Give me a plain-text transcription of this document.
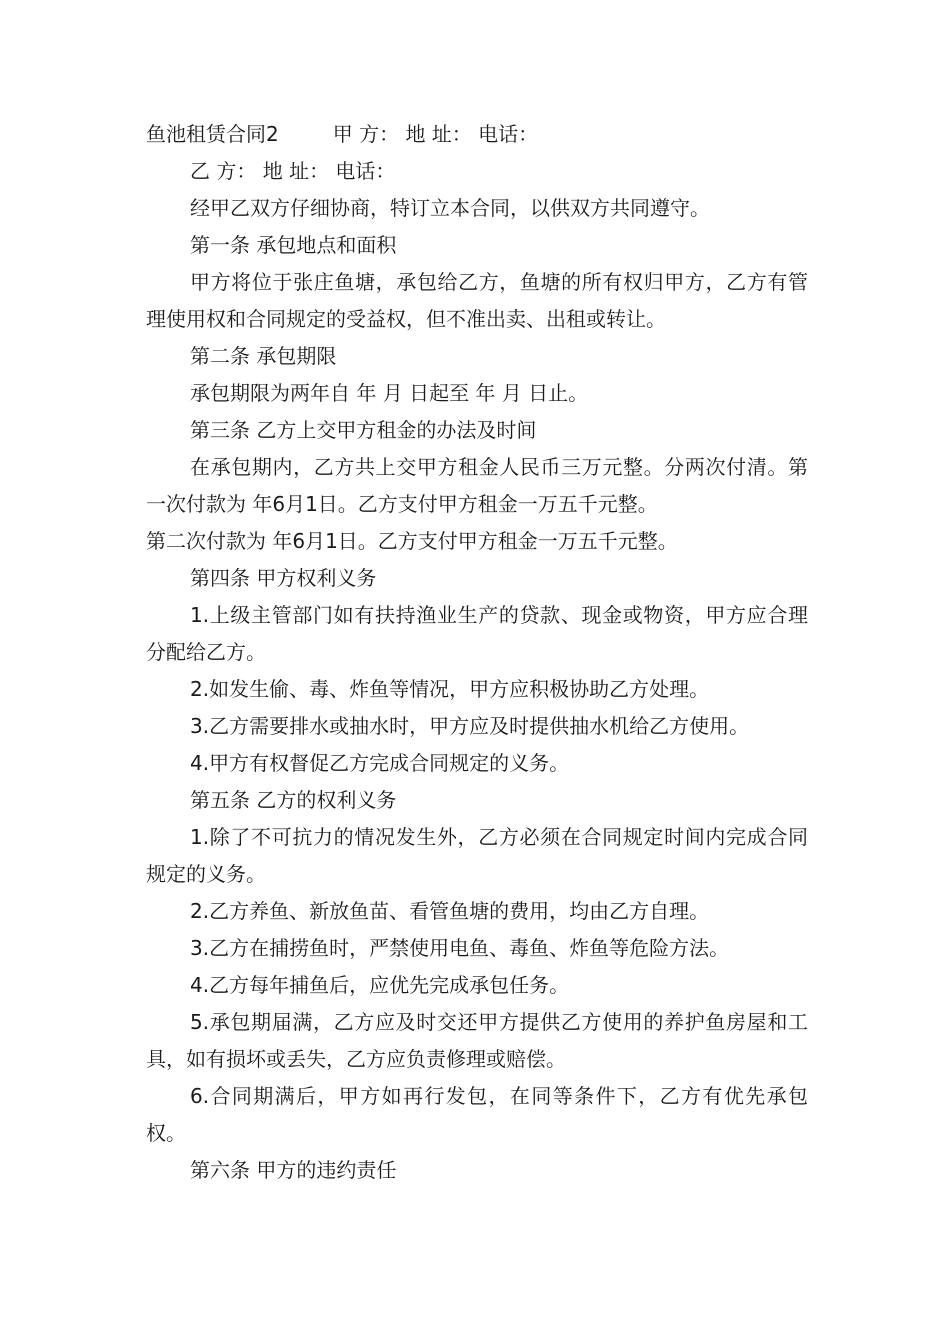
鱼池租赁合同2	甲 方： 地 址： 电话：

乙 方： 地 址： 电话：

经甲乙双方仔细协商，特订立本合同，以供双方共同遵守。

第一条 承包地点和面积

甲方将位于张庄鱼塘，承包给乙方，鱼塘的所有权归甲方，乙方有管理使用权和合同规定的受益权，但不准出卖、出租或转让。

第二条 承包期限

承包期限为两年自 年 月 日起至 年 月 日止。

第三条 乙方上交甲方租金的办法及时间

在承包期内，乙方共上交甲方租金人民币三万元整。分两次付清。第一次付款为 年6月1日。乙方支付甲方租金一万五千元整。

第二次付款为 年6月1日。乙方支付甲方租金一万五千元整。

第四条 甲方权利义务

1.上级主管部门如有扶持渔业生产的贷款、现金或物资，甲方应合理分配给乙方。

2.如发生偷、毒、炸鱼等情况，甲方应积极协助乙方处理。

3.乙方需要排水或抽水时，甲方应及时提供抽水机给乙方使用。

4.甲方有权督促乙方完成合同规定的义务。

第五条 乙方的权利义务

1.除了不可抗力的情况发生外，乙方必须在合同规定时间内完成合同规定的义务。

2.乙方养鱼、新放鱼苗、看管鱼塘的费用，均由乙方自理。

3.乙方在捕捞鱼时，严禁使用电鱼、毒鱼、炸鱼等危险方法。

4.乙方每年捕鱼后，应优先完成承包任务。

5.承包期届满，乙方应及时交还甲方提供乙方使用的养护鱼房屋和工具，如有损坏或丢失，乙方应负责修理或赔偿。

6.合同期满后，甲方如再行发包，在同等条件下，乙方有优先承包权。

第六条 甲方的违约责任
